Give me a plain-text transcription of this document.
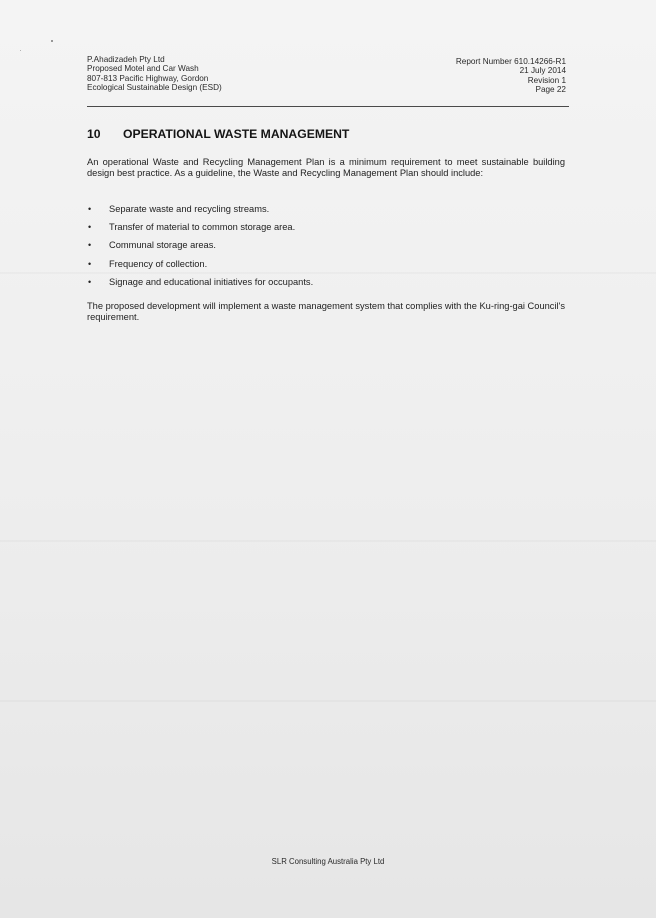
P.Ahadizadeh Pty Ltd
Proposed Motel and Car Wash
807-813 Pacific Highway, Gordon
Ecological Sustainable Design (ESD)
Report Number 610.14266-R1
21 July 2014
Revision 1
Page 22
10 OPERATIONAL WASTE MANAGEMENT
An operational Waste and Recycling Management Plan is a minimum requirement to meet sustainable building design best practice. As a guideline, the Waste and Recycling Management Plan should include:
•	Separate waste and recycling streams.
•	Transfer of material to common storage area.
•	Communal storage areas.
•	Frequency of collection.
•	Signage and educational initiatives for occupants.
The proposed development will implement a waste management system that complies with the Ku-ring-gai Council's requirement.
SLR Consulting Australia Pty Ltd
